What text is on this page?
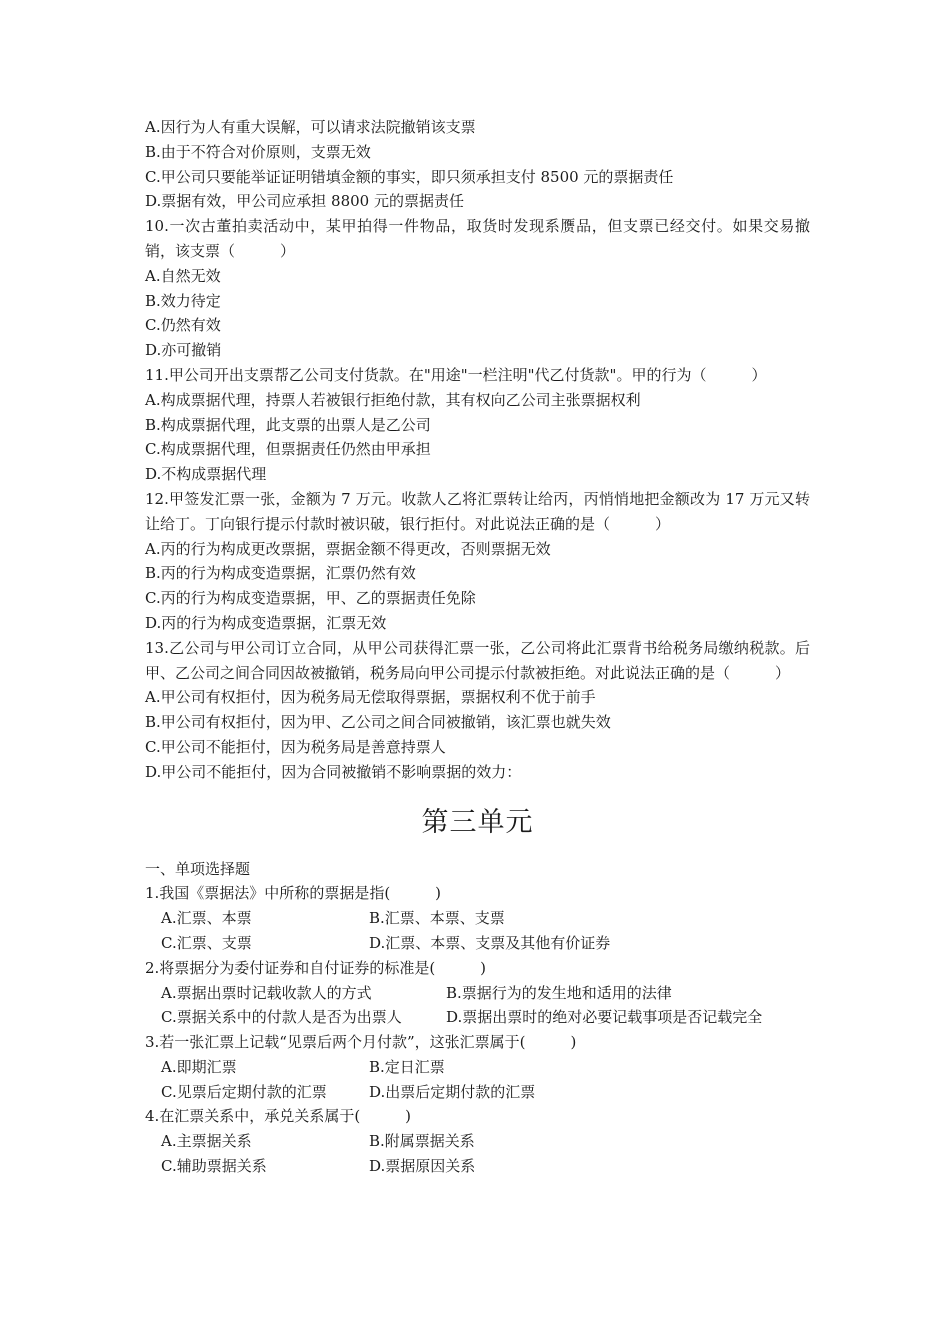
A.因行为人有重大误解，可以请求法院撤销该支票
B.由于不符合对价原则，支票无效
C.甲公司只要能举证证明错填金额的事实，即只须承担支付 8500 元的票据责任
D.票据有效，甲公司应承担 8800 元的票据责任
10.一次古董拍卖活动中，某甲拍得一件物品，取货时发现系赝品，但支票已经交付。如果交易撤销，该支票（　　　）
A.自然无效
B.效力待定
C.仍然有效
D.亦可撤销
11.甲公司开出支票帮乙公司支付货款。在"用途"一栏注明"代乙付货款"。甲的行为（　　　）
A.构成票据代理，持票人若被银行拒绝付款，其有权向乙公司主张票据权利
B.构成票据代理，此支票的出票人是乙公司
C.构成票据代理，但票据责任仍然由甲承担
D.不构成票据代理
12.甲签发汇票一张，金额为 7 万元。收款人乙将汇票转让给丙，丙悄悄地把金额改为 17 万元又转让给丁。丁向银行提示付款时被识破，银行拒付。对此说法正确的是（　　　）
A.丙的行为构成更改票据，票据金额不得更改，否则票据无效
B.丙的行为构成变造票据，汇票仍然有效
C.丙的行为构成变造票据，甲、乙的票据责任免除
D.丙的行为构成变造票据，汇票无效
13.乙公司与甲公司订立合同，从甲公司获得汇票一张，乙公司将此汇票背书给税务局缴纳税款。后甲、乙公司之间合同因故被撤销，税务局向甲公司提示付款被拒绝。对此说法正确的是（　　　）
A.甲公司有权拒付，因为税务局无偿取得票据，票据权利不优于前手
B.甲公司有权拒付，因为甲、乙公司之间合同被撤销，该汇票也就失效
C.甲公司不能拒付，因为税务局是善意持票人
D.甲公司不能拒付，因为合同被撤销不影响票据的效力：
第三单元
一、单项选择题
1.我国《票据法》中所称的票据是指(　　　)
A.汇票、本票	B.汇票、本票、支票
C.汇票、支票	D.汇票、本票、支票及其他有价证券
2.将票据分为委付证券和自付证券的标准是(　　　)
A.票据出票时记载收款人的方式	B.票据行为的发生地和适用的法律
C.票据关系中的付款人是否为出票人	D.票据出票时的绝对必要记载事项是否记载完全
3.若一张汇票上记载“见票后两个月付款”，这张汇票属于(　　　)
A.即期汇票	B.定日汇票
C.见票后定期付款的汇票	D.出票后定期付款的汇票
4.在汇票关系中，承兑关系属于(　　　)
A.主票据关系	B.附属票据关系
C.辅助票据关系	D.票据原因关系
